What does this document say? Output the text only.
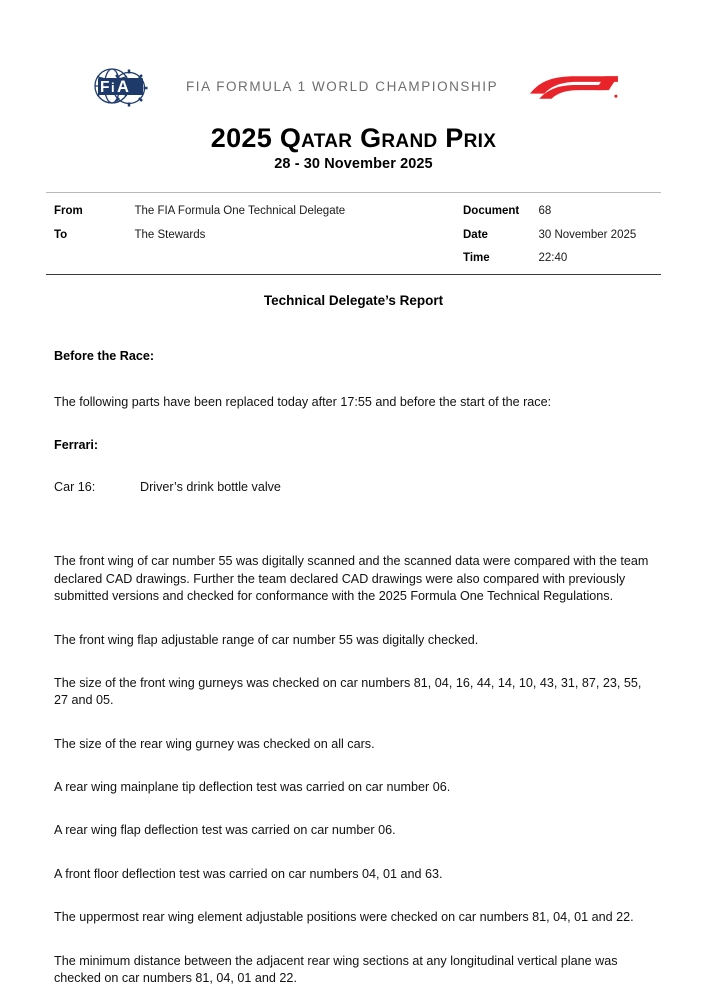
F i A	FIA FORMULA 1 WORLD CHAMPIONSHIP
2025 Qatar Grand Prix
28 - 30 November 2025
From	The FIA Formula One Technical Delegate
To	The Stewards
Document 68
Date	30 November 2025
Time	22:40
Technical Delegate’s Report

Before the Race:

The following parts have been replaced today after 17:55 and before the start of the race:

Ferrari:

Car 16:	Driver’s drink bottle valve

The front wing of car number 55 was digitally scanned and the scanned data were compared with the team declared CAD drawings. Further the team declared CAD drawings were also compared with previously submitted versions and checked for conformance with the 2025 Formula One Technical Regulations.

The front wing flap adjustable range of car number 55 was digitally checked.

The size of the front wing gurneys was checked on car numbers 81, 04, 16, 44, 14, 10, 43, 31, 87, 23, 55, 27 and 05.

The size of the rear wing gurney was checked on all cars.

A rear wing mainplane tip deflection test was carried on car number 06.

A rear wing flap deflection test was carried on car number 06.

A front floor deflection test was carried on car numbers 04, 01 and 63.

The uppermost rear wing element adjustable positions were checked on car numbers 81, 04, 01 and 22.

The minimum distance between the adjacent rear wing sections at any longitudinal vertical plane was checked on car numbers 81, 04, 01 and 22.
